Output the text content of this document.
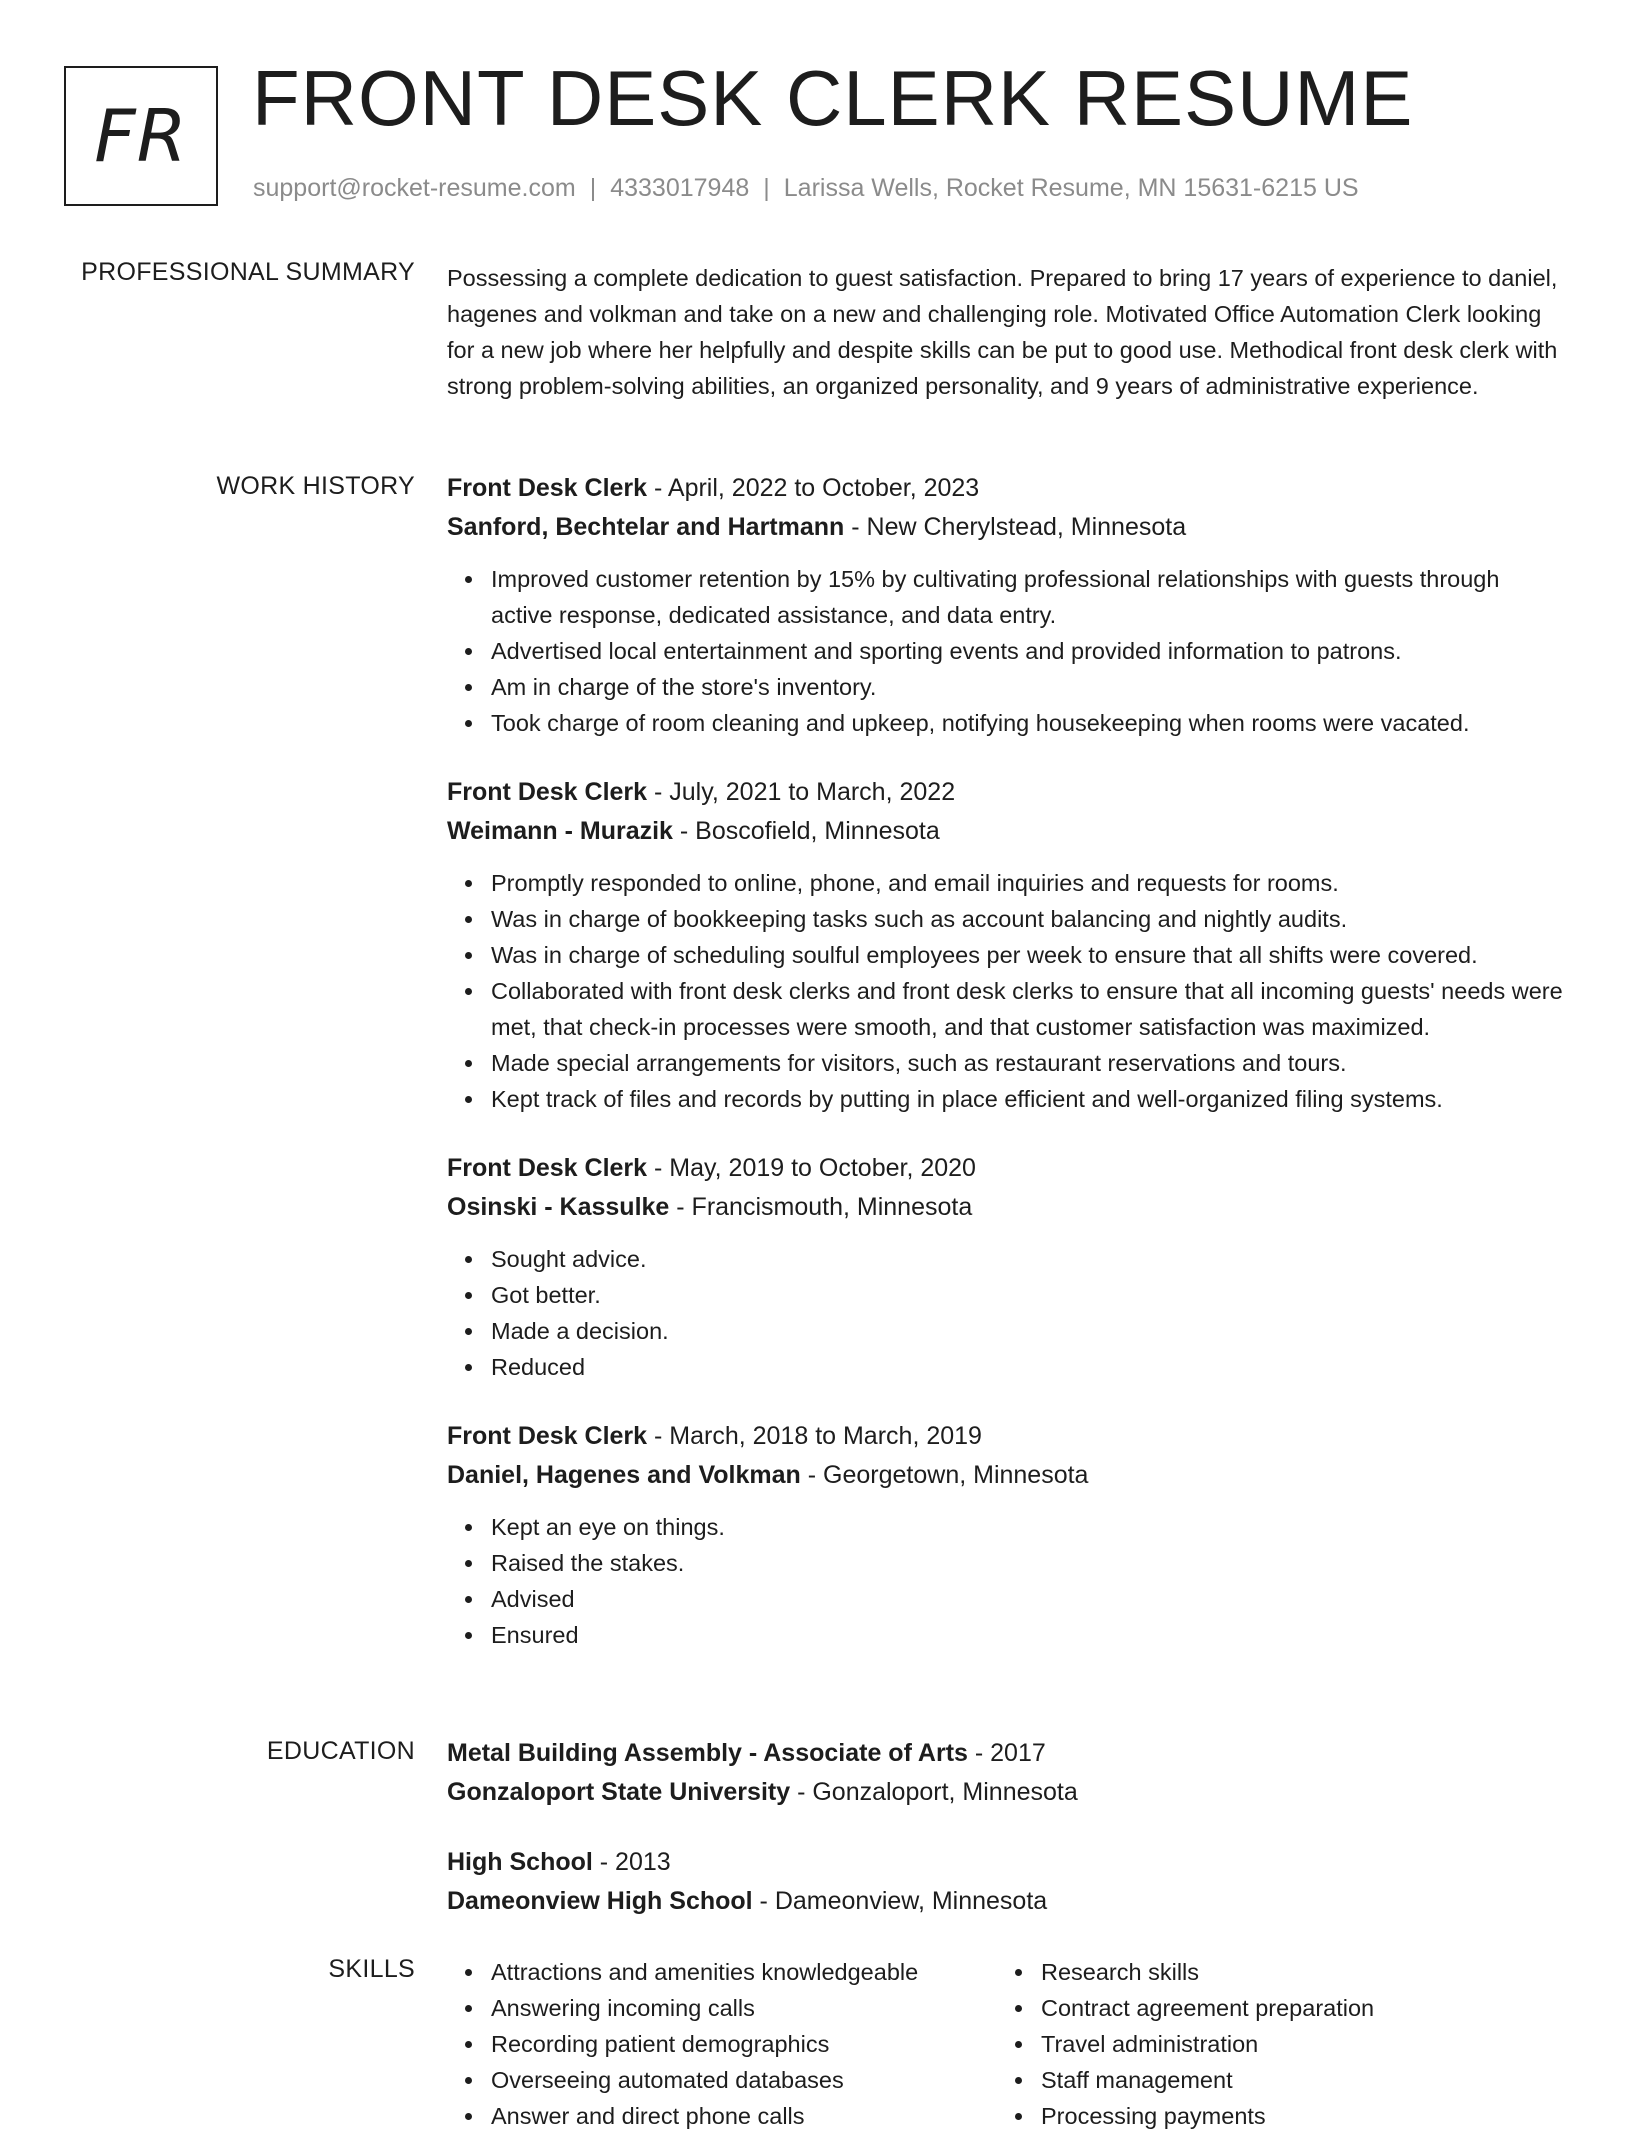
FR FRONT DESK CLERK RESUME
support@rocket-resume.com | 4333017948 | Larissa Wells, Rocket Resume, MN 15631-6215 US
PROFESSIONAL SUMMARY Possessing a complete dedication to guest satisfaction. Prepared to bring 17 years of experience to daniel, hagenes and volkman and take on a new and challenging role. Motivated Office Automation Clerk looking for a new job where her helpfully and despite skills can be put to good use. Methodical front desk clerk with strong problem-solving abilities, an organized personality, and 9 years of administrative experience.

WORK HISTORY Front Desk Clerk - April, 2022 to October, 2023
Sanford, Bechtelar and Hartmann - New Cherylstead, Minnesota
Improved customer retention by 15% by cultivating professional relationships with guests through active response, dedicated assistance, and data entry.
Advertised local entertainment and sporting events and provided information to patrons.
Am in charge of the store's inventory.
Took charge of room cleaning and upkeep, notifying housekeeping when rooms were vacated.
Front Desk Clerk - July, 2021 to March, 2022
Weimann - Murazik - Boscofield, Minnesota
Promptly responded to online, phone, and email inquiries and requests for rooms.
Was in charge of bookkeeping tasks such as account balancing and nightly audits.
Was in charge of scheduling soulful employees per week to ensure that all shifts were covered.
Collaborated with front desk clerks and front desk clerks to ensure that all incoming guests' needs were met, that check-in processes were smooth, and that customer satisfaction was maximized.
Made special arrangements for visitors, such as restaurant reservations and tours.
Kept track of files and records by putting in place efficient and well-organized filing systems.
Front Desk Clerk - May, 2019 to October, 2020
Osinski - Kassulke - Francismouth, Minnesota
Sought advice.
Got better.
Made a decision.
Reduced
Front Desk Clerk - March, 2018 to March, 2019
Daniel, Hagenes and Volkman - Georgetown, Minnesota
Kept an eye on things.
Raised the stakes.
Advised
Ensured
EDUCATION Metal Building Assembly - Associate of Arts - 2017
Gonzaloport State University - Gonzaloport, Minnesota
High School - 2013
Dameonview High School - Dameonview, Minnesota
SKILLS	Attractions and amenities knowledgeable
Answering incoming calls
Recording patient demographics
Overseeing automated databases
Answer and direct phone calls
Research skills
Contract agreement preparation
Travel administration
Staff management
Processing payments
